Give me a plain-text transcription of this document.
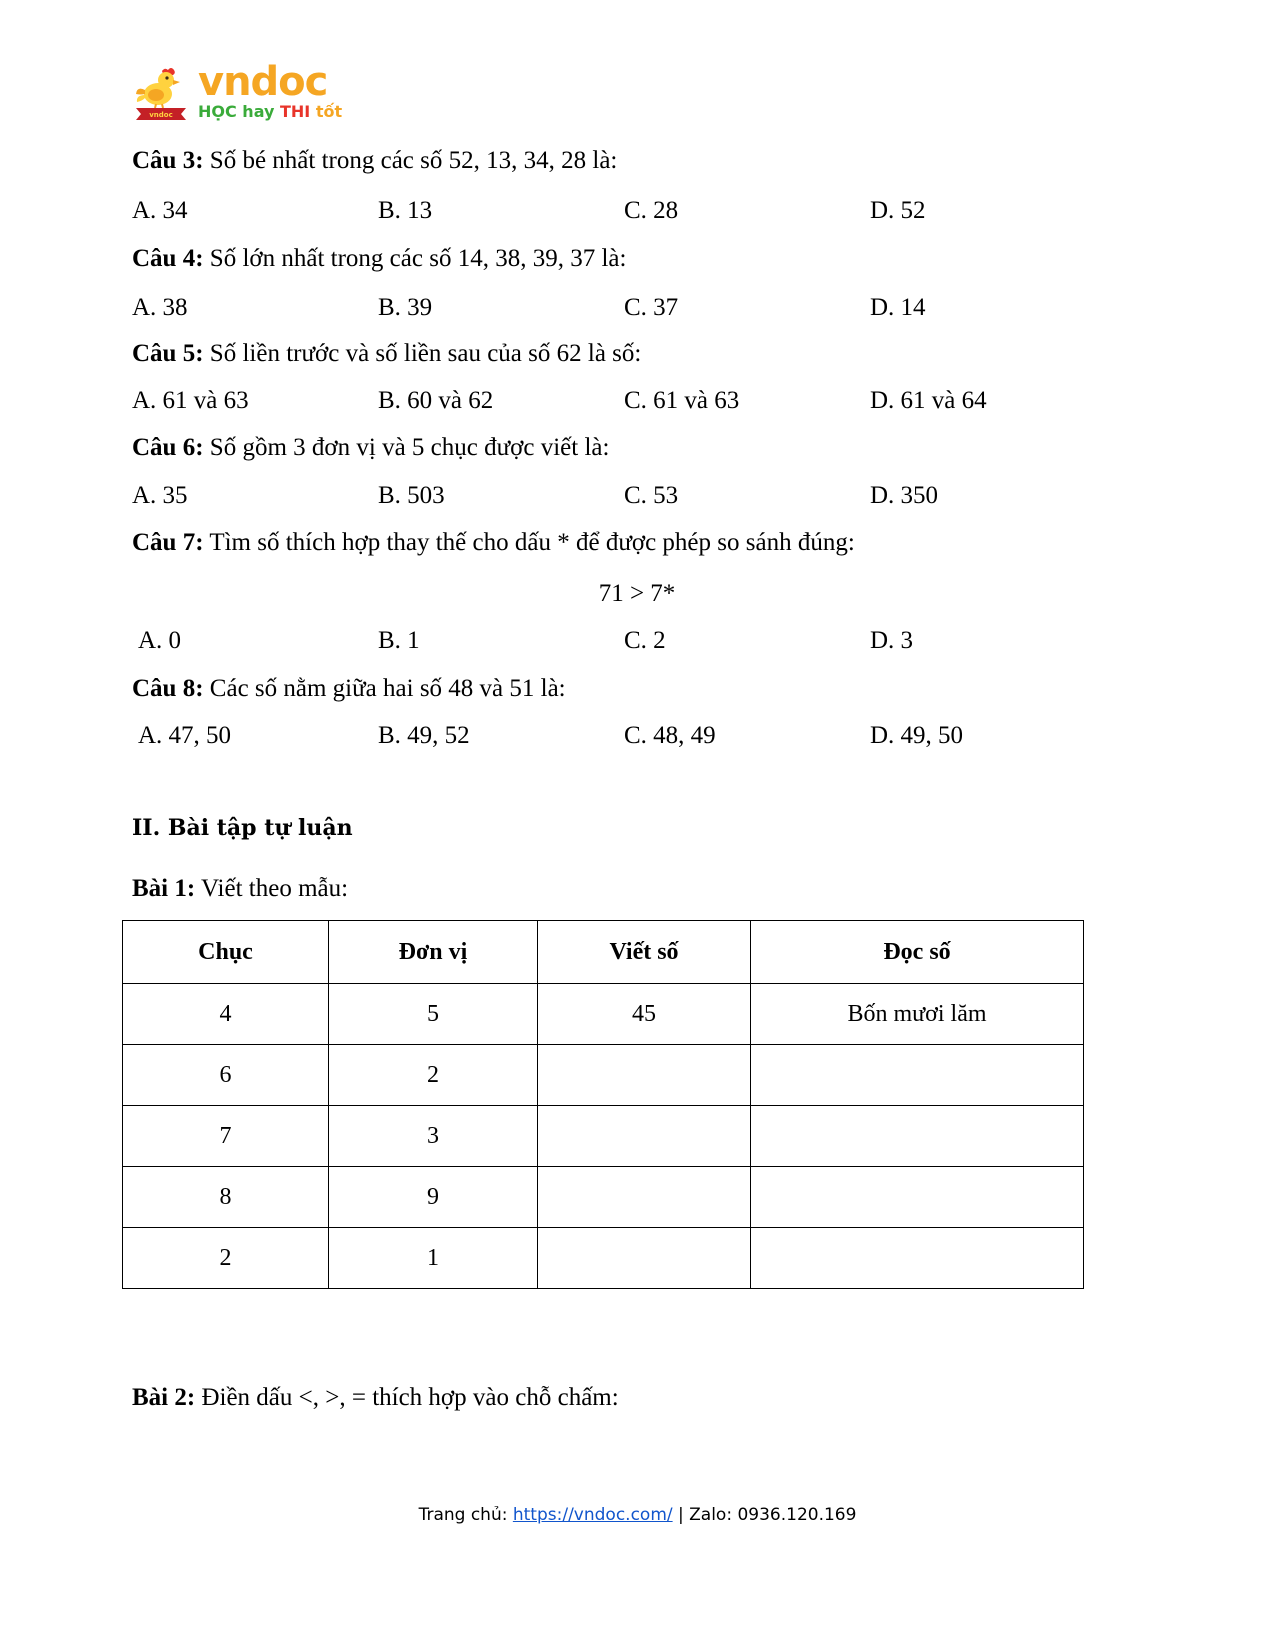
vndoc
vndoc
HỌC hay THI tốt
Câu 3: Số bé nhất trong các số 52, 13, 34, 28 là:
A. 34	B. 13	C. 28	D. 52
Câu 4: Số lớn nhất trong các số 14, 38, 39, 37 là:
A. 38	B. 39	C. 37	D. 14
Câu 5: Số liền trước và số liền sau của số 62 là số:
A. 61 và 63	B. 60 và 62	C. 61 và 63	D. 61 và 64
Câu 6: Số gồm 3 đơn vị và 5 chục được viết là:
A. 35	B. 503	C. 53	D. 350
Câu 7: Tìm số thích hợp thay thế cho dấu * để được phép so sánh đúng:
71 > 7*
A. 0	B. 1	C. 2	D. 3
Câu 8: Các số nằm giữa hai số 48 và 51 là:
A. 47, 50	B. 49, 52	C. 48, 49	D. 49, 50
II. Bài tập tự luận
Bài 1: Viết theo mẫu:
Chục	Đơn vị	Viết số	Đọc số
4	5	45	Bốn mươi lăm
6	2		
7	3		
8	9		
2	1		
Bài 2: Điền dấu <, >, = thích hợp vào chỗ chấm:
Trang chủ: https://vndoc.com/ | Zalo: 0936.120.169
